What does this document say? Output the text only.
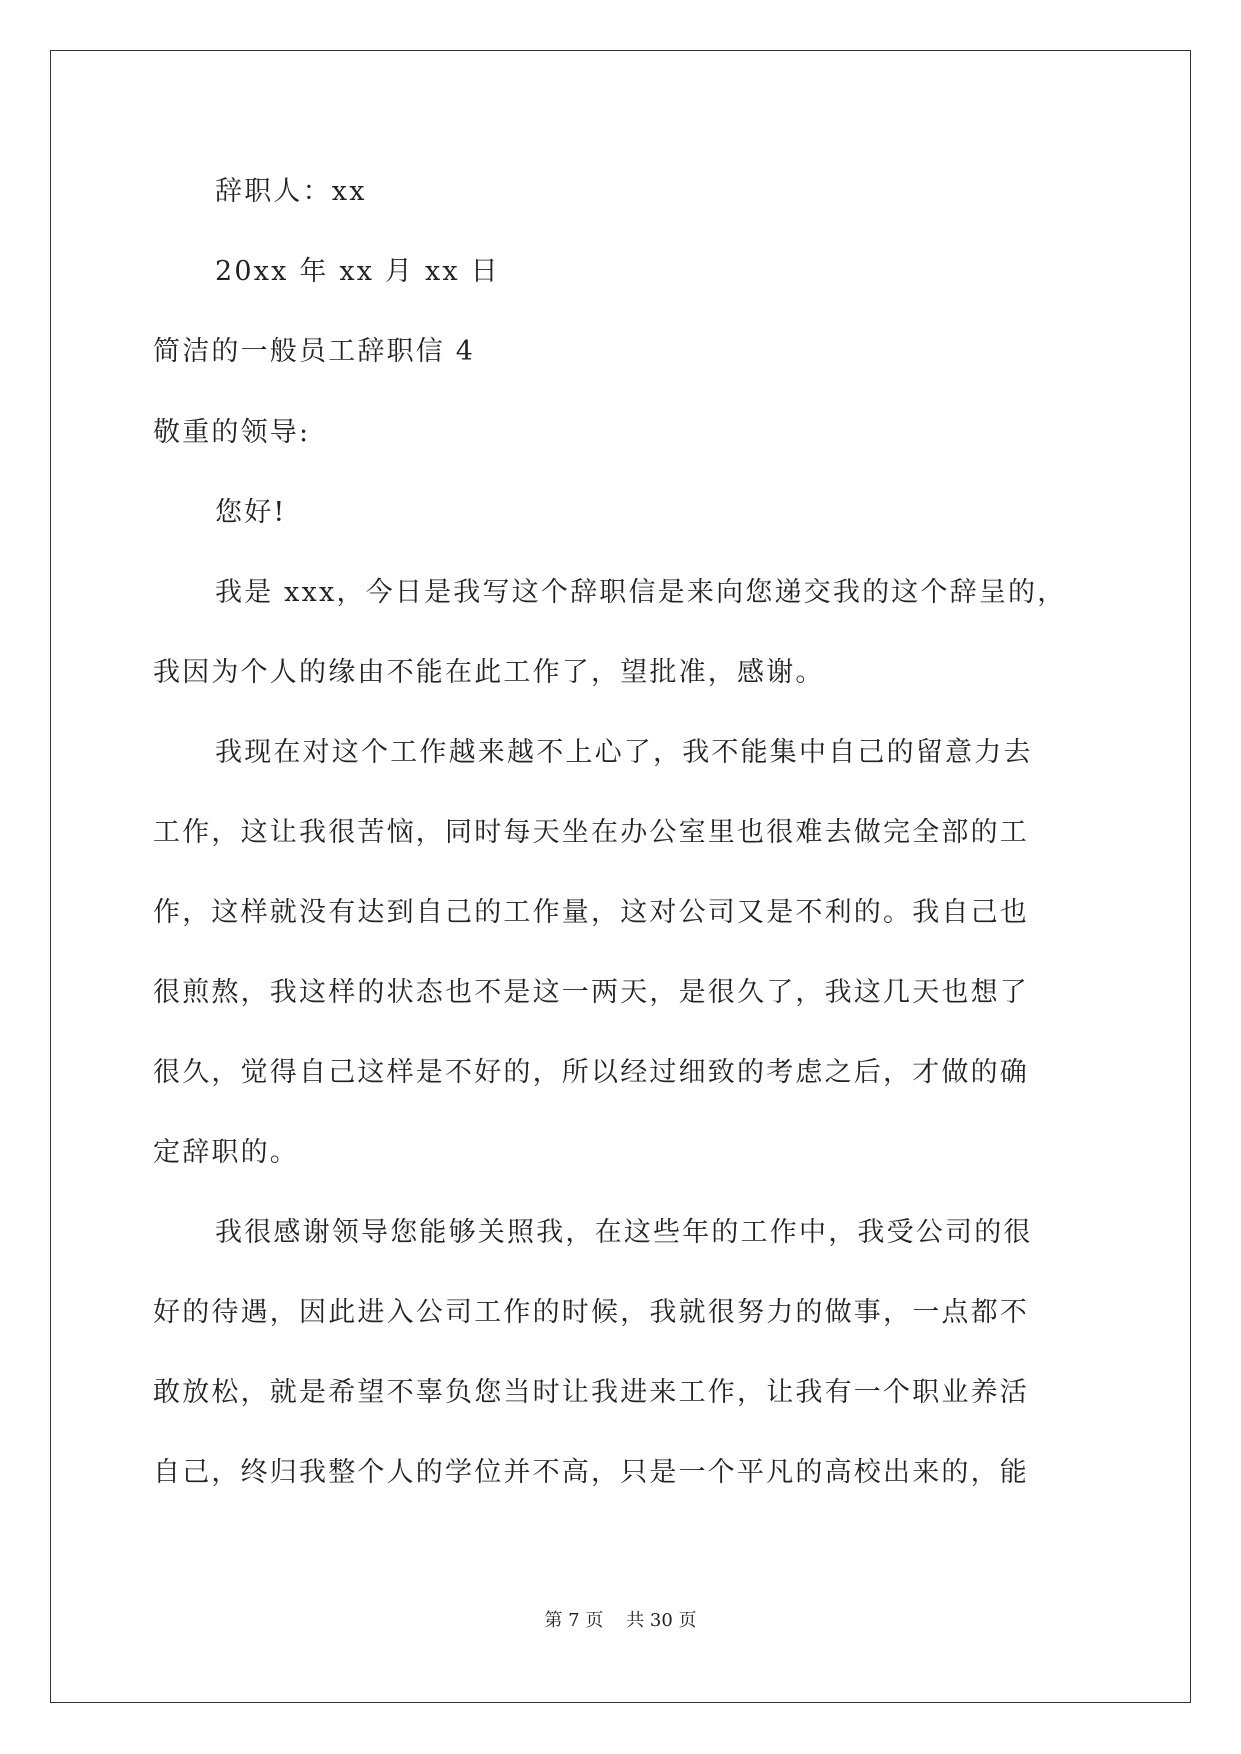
辞职人：xx
20xx 年 xx 月 xx 日
简洁的一般员工辞职信 4
敬重的领导:
您好!
我是 xxx，今日是我写这个辞职信是来向您递交我的这个辞呈的，
我因为个人的缘由不能在此工作了，望批准，感谢。
我现在对这个工作越来越不上心了，我不能集中自己的留意力去
工作，这让我很苦恼，同时每天坐在办公室里也很难去做完全部的工
作，这样就没有达到自己的工作量，这对公司又是不利的。我自己也
很煎熬，我这样的状态也不是这一两天，是很久了，我这几天也想了
很久，觉得自己这样是不好的，所以经过细致的考虑之后，才做的确
定辞职的。
我很感谢领导您能够关照我，在这些年的工作中，我受公司的很
好的待遇，因此进入公司工作的时候，我就很努力的做事，一点都不
敢放松，就是希望不辜负您当时让我进来工作，让我有一个职业养活
自己，终归我整个人的学位并不高，只是一个平凡的高校出来的，能
第 7 页    共 30 页
